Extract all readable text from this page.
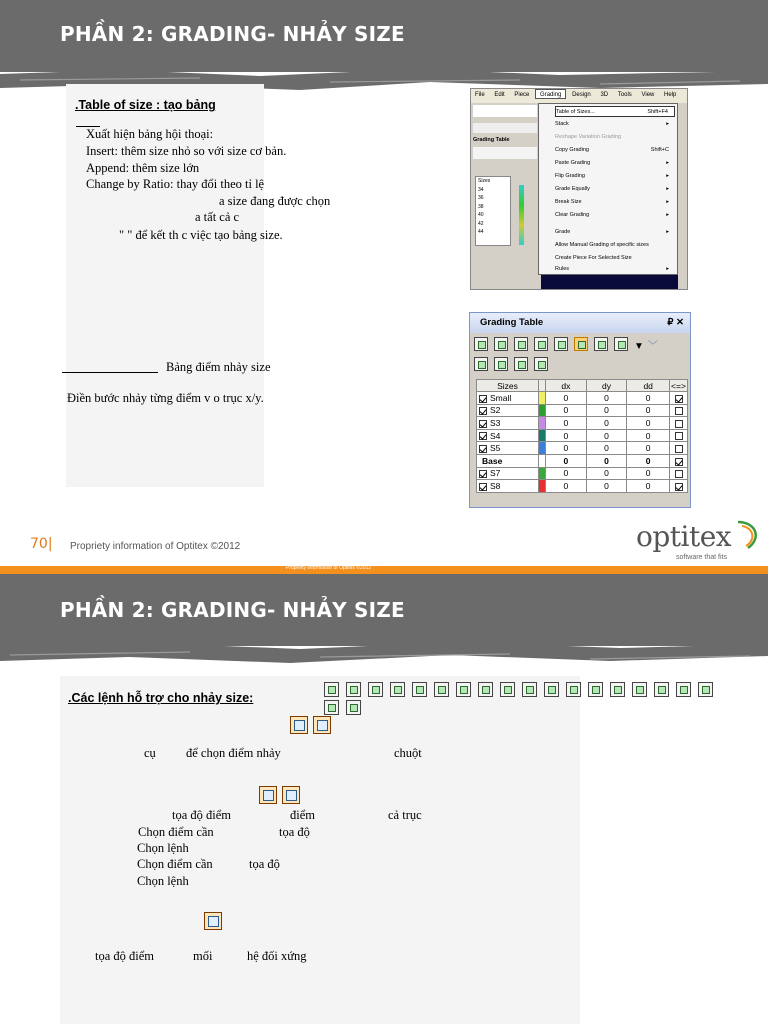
PHẦN 2: GRADING- NHẢY SIZE
.Table of size : tạo bảng
Xuất hiện bảng hội thoại:
Insert: thêm size nhỏ so với size cơ bản.
Append: thêm size lớn
Change by Ratio: thay đổi theo tỉ lệ
a size đang được chọn
a tất cả c
" " để kết th c việc tạo bảng size.
Bảng điểm nhảy size
Điền bước nhảy từng điểm v o trục x/y.
File Edit Piece Grading Design 3D Tools View Help
Grading Table
Sizes
34
36
38
40
42
44
Table of Sizes...	Shift+F4
Stack	▸
Reshape Variation Grading
Copy Grading	Shift+C
Paste Grading	▸
Flip Grading	▸
Grade Equally	▸
Break Size	▸
Clear Grading	▸
Grade	▸
Allow Manual Grading of specific sizes
Create Piece For Selected Size
Rules	▸
Grading Table	₽ ✕
▼ ﹀

Sizes		dx	dy	dd	<=>
Small		0	0	0	
S2		0	0	0	
S3		0	0	0	
S4		0	0	0	
S5		0	0	0	
Base		0	0	0	
S7		0	0	0	
S8		0	0	0	
70| Propriety information of Optitex ©2012	optitex
software that fits
Propriety information of Optitex ©2012
PHẦN 2: GRADING- NHẢY SIZE
.Các lệnh hỗ trợ cho nhảy size:

cụ để chọn điểm nhảy	chuột
tọa độ điểm	điểm	cả trục
Chọn điểm cần	tọa độ
Chọn lệnh
Chọn điểm cần	tọa độ
Chọn lệnh
tọa độ điểm	mối	hệ đối xứng
